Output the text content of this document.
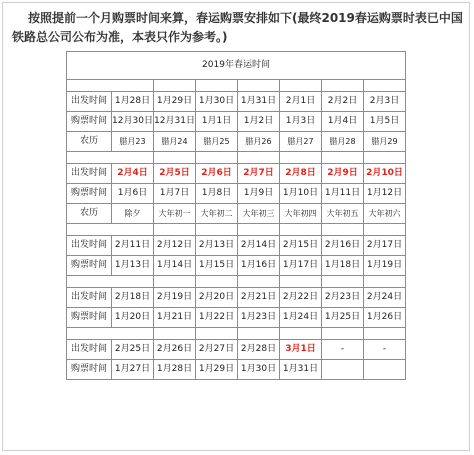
按照提前一个月购票时间来算，春运购票安排如下(最终2019春运购票时表已中国铁路总公司公布为准，本表只作为参考。)
2019年春运时间							

出发时间	1月28日	1月29日	1月30日	1月31日	2月1日	2月2日	2月3日
购票时间	12月30日	12月31日	1月1日	1月2日	1月3日	1月4日	1月5日
农历	腊月23	腊月24	腊月25	腊月26	腊月27	腊月28	腊月29

出发时间	2月4日	2月5日	2月6日	2月7日	2月8日	2月9日	2月10日
购票时间	1月6日	1月7日	1月8日	1月9日	1月10日	1月11日	1月12日
农历	除夕	大年初一	大年初二	大年初三	大年初四	大年初五	大年初六

出发时间	2月11日	2月12日	2月13日	2月14日	2月15日	2月16日	2月17日
购票时间	1月13日	1月14日	1月15日	1月16日	1月17日	1月18日	1月19日

出发时间	2月18日	2月19日	2月20日	2月21日	2月22日	2月23日	2月24日
购票时间	1月20日	1月21日	1月22日	1月23日	1月24日	1月25日	1月26日

出发时间	2月25日	2月26日	2月27日	2月28日	3月1日	-	-
购票时间	1月27日	1月28日	1月29日	1月30日	1月31日		
